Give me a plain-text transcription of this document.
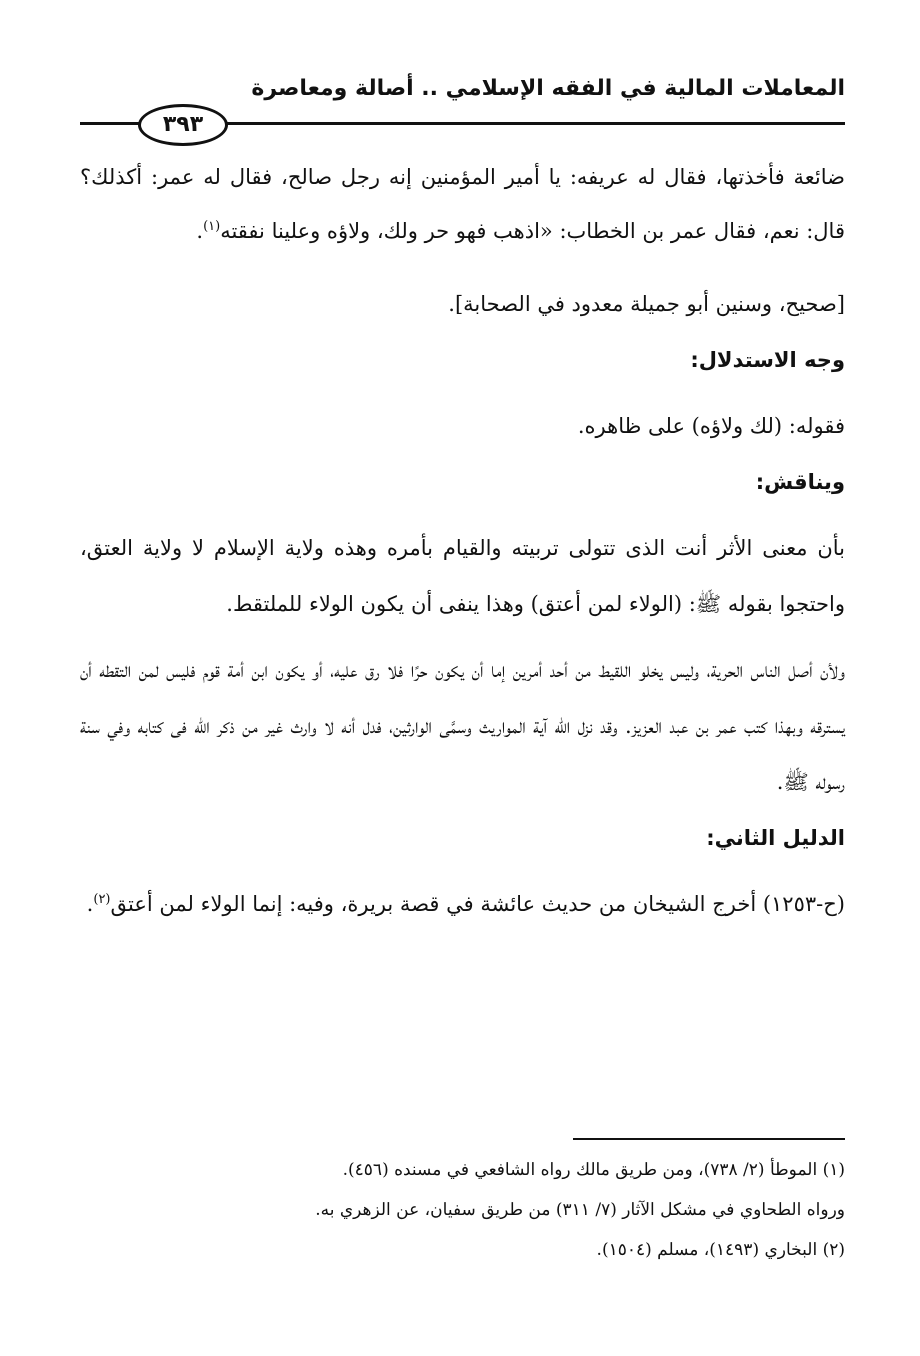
المعاملات المالية في الفقه الإسلامي .. أصالة ومعاصرة
٣٩٣

ضائعة فأخذتها، فقال له عريفه: يا أمير المؤمنين إنه رجل صالح، فقال له عمر: أكذلك؟ قال: نعم، فقال عمر بن الخطاب: «اذهب فهو حر ولك، ولاؤه وعلينا نفقته$^{(١)}$.

[صحيح، وسنين أبو جميلة معدود في الصحابة].

وجه الاستدلال:

فقوله: (لك ولاؤه) على ظاهره.

ويناقش:

بأن معنى الأثر أنت الذى تتولى تربيته والقيام بأمره وهذه ولاية الإسلام لا ولاية العتق، واحتجوا بقوله ﷺ: (الولاء لمن أعتق) وهذا ينفى أن يكون الولاء للملتقط.

ولأن أصل الناس الحرية، وليس يخلو اللقيط من أحد أمرين إما أن يكون حرًا فلا رق عليه، أو يكون ابن أمة قوم فليس لمن التقطه أن يسترقه وبهذا كتب عمر بن عبد العزيز. وقد نزل الله آية المواريث وسمَّى الوارثين، فدل أنه لا وارث غير من ذكر الله فى كتابه وفي سنة رسوله ﷺ.

الدليل الثاني:

(ح-١٢٥٣) أخرج الشيخان من حديث عائشة في قصة بريرة، وفيه: إنما الولاء لمن أعتق$^{(٢)}$.

(١) الموطأ (٢/ ٧٣٨)، ومن طريق مالك رواه الشافعي في مسنده (٤٥٦).

ورواه الطحاوي في مشكل الآثار (٧/ ٣١١) من طريق سفيان، عن الزهري به.

(٢) البخاري (١٤٩٣)، مسلم (١٥٠٤).
